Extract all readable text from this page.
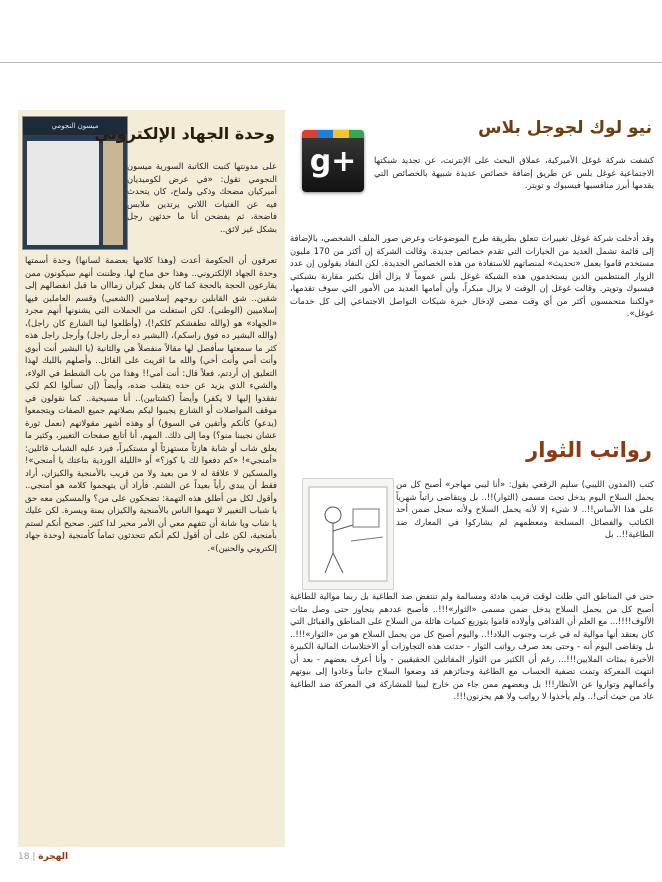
g+
نيو لوك لجوجل بلاس

كشفت شركة غوغل الأميركية، عملاق البحث على الإنترنت، عن تجديد شبكتها الاجتماعية غوغل بلس عن طريق إضافة خصائص عديدة شبيهة بالخصائص التي يقدمها أبرز منافسيها فيسبوك و تويتر.

وقد أدخلت شركة غوغل تغييرات تتعلق بطريقة طرح الموضوعات وعرض صور الملف الشخصي، بالإضافة إلى قائمة تشمل العديد من الخيارات التي تقدم خصائص جديدة. وقالت الشركة إن أكثر من 170 مليون مستخدم قاموا بعمل «تحديث» لمنصاتهم للاستفادة من هذه الخصائص الجديدة. لكن النقاد يقولون إن عدد الزوار المنتظمين الذين يستخدمون هذه الشبكة غوغل بلس عموماً لا يزال أقل بكثير مقارنة بشبكتي فيسبوك وتويتر. وقالت غوغل إن الوقت لا يزال مبكراً، وأن أمامها العديد من الأمور التي سوف تقدمها، «ولكننا متحمسون أكثر من أي وقت مضى لإدخال خبرة شبكات التواصل الاجتماعي إلى كل خدمات غوغل».

رواتب الثوار

كتب (المدون الليبي) سليم الرقعي يقول: «أنا ليبي مهاجر» أصبح كل من يحمل السلاح اليوم يدخل تحت مسمى (الثوار)!!.. بل ويتقاضى راتباً شهرياً على هذا الأساس!!.. لا شيء إلا لأنه يحمل السلاح ولأنه سجل ضمن أحد الكتائب والفصائل المسلحة ومعظمهم لم يشاركوا في المعارك ضد الطاغية!!.. بل

حتى في المناطق التي ظلت لوقت قريب هادئة ومسالمة ولم تنتفض ضد الطاغية بل ربما موالية للطاغية أصبح كل من يحمل السلاح يدخل ضمن مسمى «الثوار»!!!.. فأصبح عددهم يتجاوز حتى وصل مئات الألوف!!!!... مع العلم أن القذافي وأولاده قاموا بتوزيع كميات هائلة من السلاح على المناطق والقبائل التي كان يعتقد أنها موالية له في غرب وجنوب البلاد!!.. واليوم أصبح كل من يحمل السلاح هو من «الثوار»!!!.. بل وتقاضى اليوم أنه - وحتى بعد صرف رواتب الثوار - حدثت هذه التجاوزات أو الاختلاسات المالية الكبيرة الأخيرة بمئات الملايين!!!... رغم أن الكثير من الثوار المقاتلين الحقيقيين - وأنا أعرف بعضهم - بعد أن انتهت المعركة وتمت تصفية الحساب مع الطاغية وجنائزهم قد وضعوا السلاح جانباً وعادوا إلى بيوتهم وأعمالهم وتواروا عن الأنظار!!! بل وبعضهم ممن جاء من خارج ليبيا للمشاركة في المعركة ضد الطاغية عاد من حيث أتى!.. ولم يأخذوا لا رواتب ولا هم يحزنون!!!.

ميسون النجومي
وحدة الجهاد الإلكتروني

على مدونتها كتبت الكاتبة السورية ميسون النجومي تقول: «في عرض لكوميديان أميركيان مضحك وذكي ولماح، كان يتحدث فيه عن الفتيات اللاتي يرتدين ملابس فاضحة، ثم يفضحن أنا ما حدثهن رجل بشكل غير لائق..

تعرفون أن الحكومة أعدت (وهذا كلامها بعضمة لسانها) وحدة أسمتها وحدة الجهاد الإلكتروني.. وهذا حق مباح لها. وظننت أنهم سيكونون ممن يقارعون الحجة بالحجة كما كان يفعل كيزان زمااان ما قبل انفصالهم إلى شقين.. شق القابلين روحهم إسلاميين (الشعبي) وقسم العاملين فيها إسلاميين (الوطني). لكن استغلت من الحملات التي يشنونها أنهم مجرد «الجهاد» هو (والله تطفشكم كلكم!)، (وأطلعوا لينا الشارع كان راجل)، (والله البشير ده فوق راسكم)، (البشير ده أرجل راجل) وأرجل راجل هذه كثر ما سمعتها سأفصل لها مقالاً منفصلاً هي والثانية (يا البشير أنت أبوي وأنت أمي وأنت أخي) والله ما اقريت على القائل.. وأصلهم بالليك لهذا التعليق إن أردتم، فعلاً قال: أنت أمي!! وهذا من باب الشطط في الولاء، والشيء الذي يزيد عن حده يتقلب ضده، وأيضاً (إن تسألوا لكم لكي تفقدوا إليها لا يكفر) وأيضاً (كشتابين).. أنا مسيحية.. كما نقولون في موقف المواصلات أو الشارع يجيبوا ليكم بصلاتهم جميع الصفات ويتجمعوا (يدعو) كأنكم وأتقين في السوق) أو وهذه أشهر مقولاتهم (نعمل ثورة عشان نجيبنا منو؟) وما إلى ذلك. المهم، أنا أتابع صفحات التغيير، وكثير ما يعلق شاب أو شابة هازئاً مستهزئاً أو مستكبراً، فيرد عليه الشباب قائلين: «أمنجي»! «كم دفعوا لك يا كوز؟» أو «الليلة الوردية بتاعتك يا أمنجي»! والمسكين لا علاقة له لا من بعيد ولا من قريب بالأمنجية والكيزان، أراد فقط أن يبدي رأياً بعيداً عن الشتم. فأراد أن يتهجموا كلامه هو أمنجي.. وأقول لكل من أطلق هذه التهمة: تضحكون على من؟ والمسكين معه حق يا شباب التغيير لا تتهموا الناس بالأمنجية والكيزان يمنة ويسرة. لكن عليك يا شاب ويا شابة أن تتفهم معي أن الأمر محير لدا كثير. صحيح أنكم لستم بأمنجية، لكن على أن أقول لكم أنكم تتحدثون تماماً كأمنجية (وحدة جهاد إلكتروني والحنين)».

18 | الهجرة
